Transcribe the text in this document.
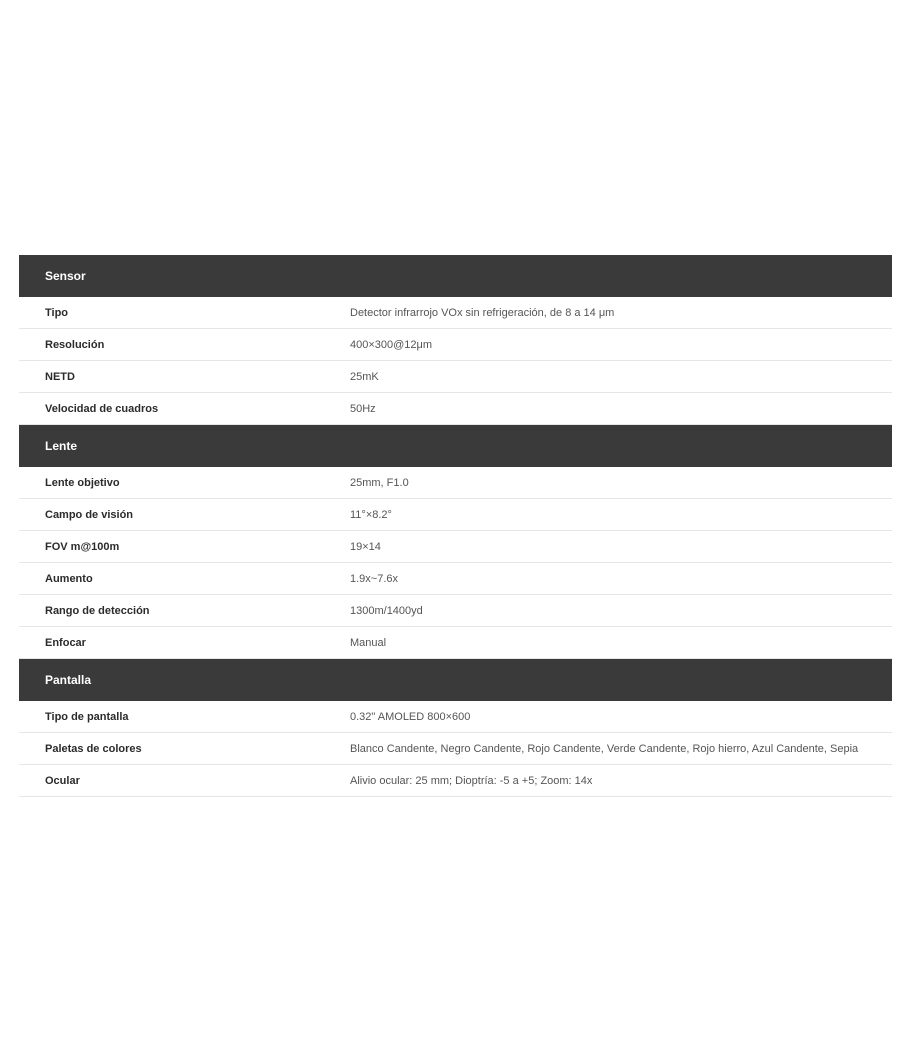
Sensor
Tipo	Detector infrarrojo VOx sin refrigeración, de 8 a 14 μm
Resolución	400×300@12μm
NETD	25mK
Velocidad de cuadros	50Hz
Lente
Lente objetivo	25mm, F1.0
Campo de visión	11°×8.2°
FOV m@100m	19×14
Aumento	1.9x~7.6x
Rango de detección	1300m/1400yd
Enfocar	Manual
Pantalla
Tipo de pantalla	0.32" AMOLED 800×600
Paletas de colores	Blanco Candente, Negro Candente, Rojo Candente, Verde Candente, Rojo hierro, Azul Candente, Sepia
Ocular	Alivio ocular: 25 mm; Dioptría: -5 a +5; Zoom: 14x
